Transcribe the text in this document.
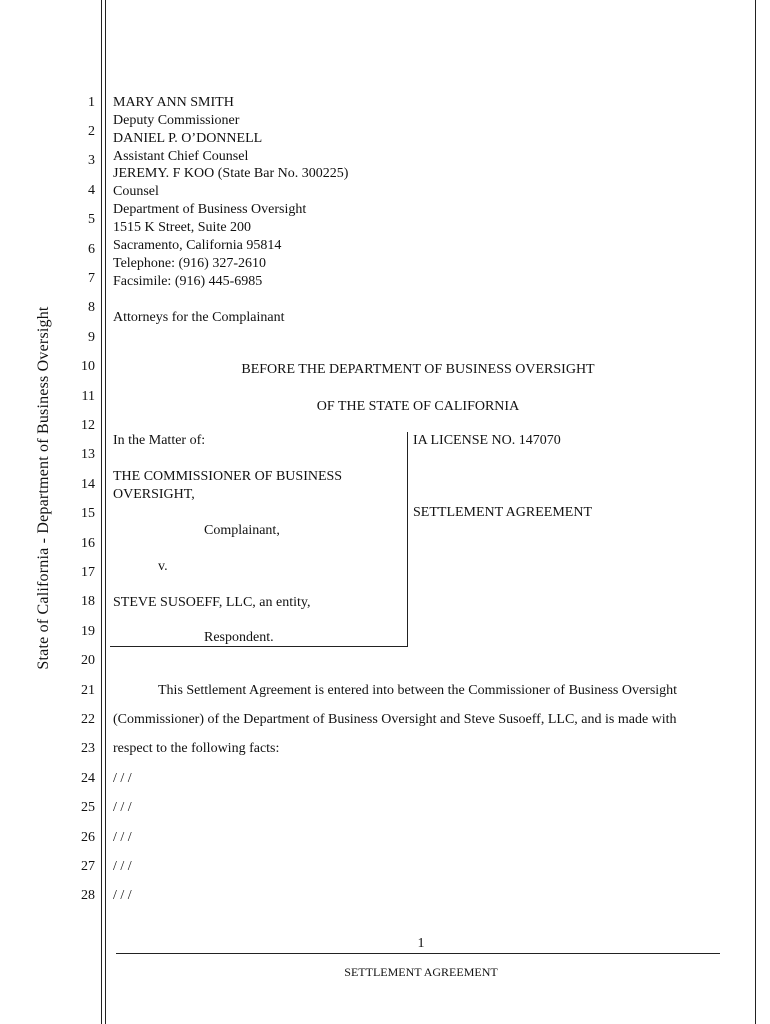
State of California - Department of Business Oversight
1
2
3
4
5
6
7
8
9
10
11
12
13
14
15
16
17
18
19
20
21
22
23
24
25
26
27
28
MARY ANN SMITH
Deputy Commissioner
DANIEL P. O’DONNELL
Assistant Chief Counsel
JEREMY. F KOO (State Bar No. 300225)
Counsel
Department of Business Oversight
1515 K Street, Suite 200
Sacramento, California 95814
Telephone: (916) 327-2610
Facsimile: (916) 445-6985
Attorneys for the Complainant
BEFORE THE DEPARTMENT OF BUSINESS OVERSIGHT
OF THE STATE OF CALIFORNIA
In the Matter of:
THE COMMISSIONER OF BUSINESS
OVERSIGHT,
Complainant,
v.
STEVE SUSOEFF, LLC, an entity,
Respondent.
IA LICENSE NO. 147070
SETTLEMENT AGREEMENT
This Settlement Agreement is entered into between the Commissioner of Business Oversight
(Commissioner) of the Department of Business Oversight and Steve Susoeff, LLC, and is made with
respect to the following facts:
/ / /
/ / /
/ / /
/ / /
/ / /
1
SETTLEMENT AGREEMENT
